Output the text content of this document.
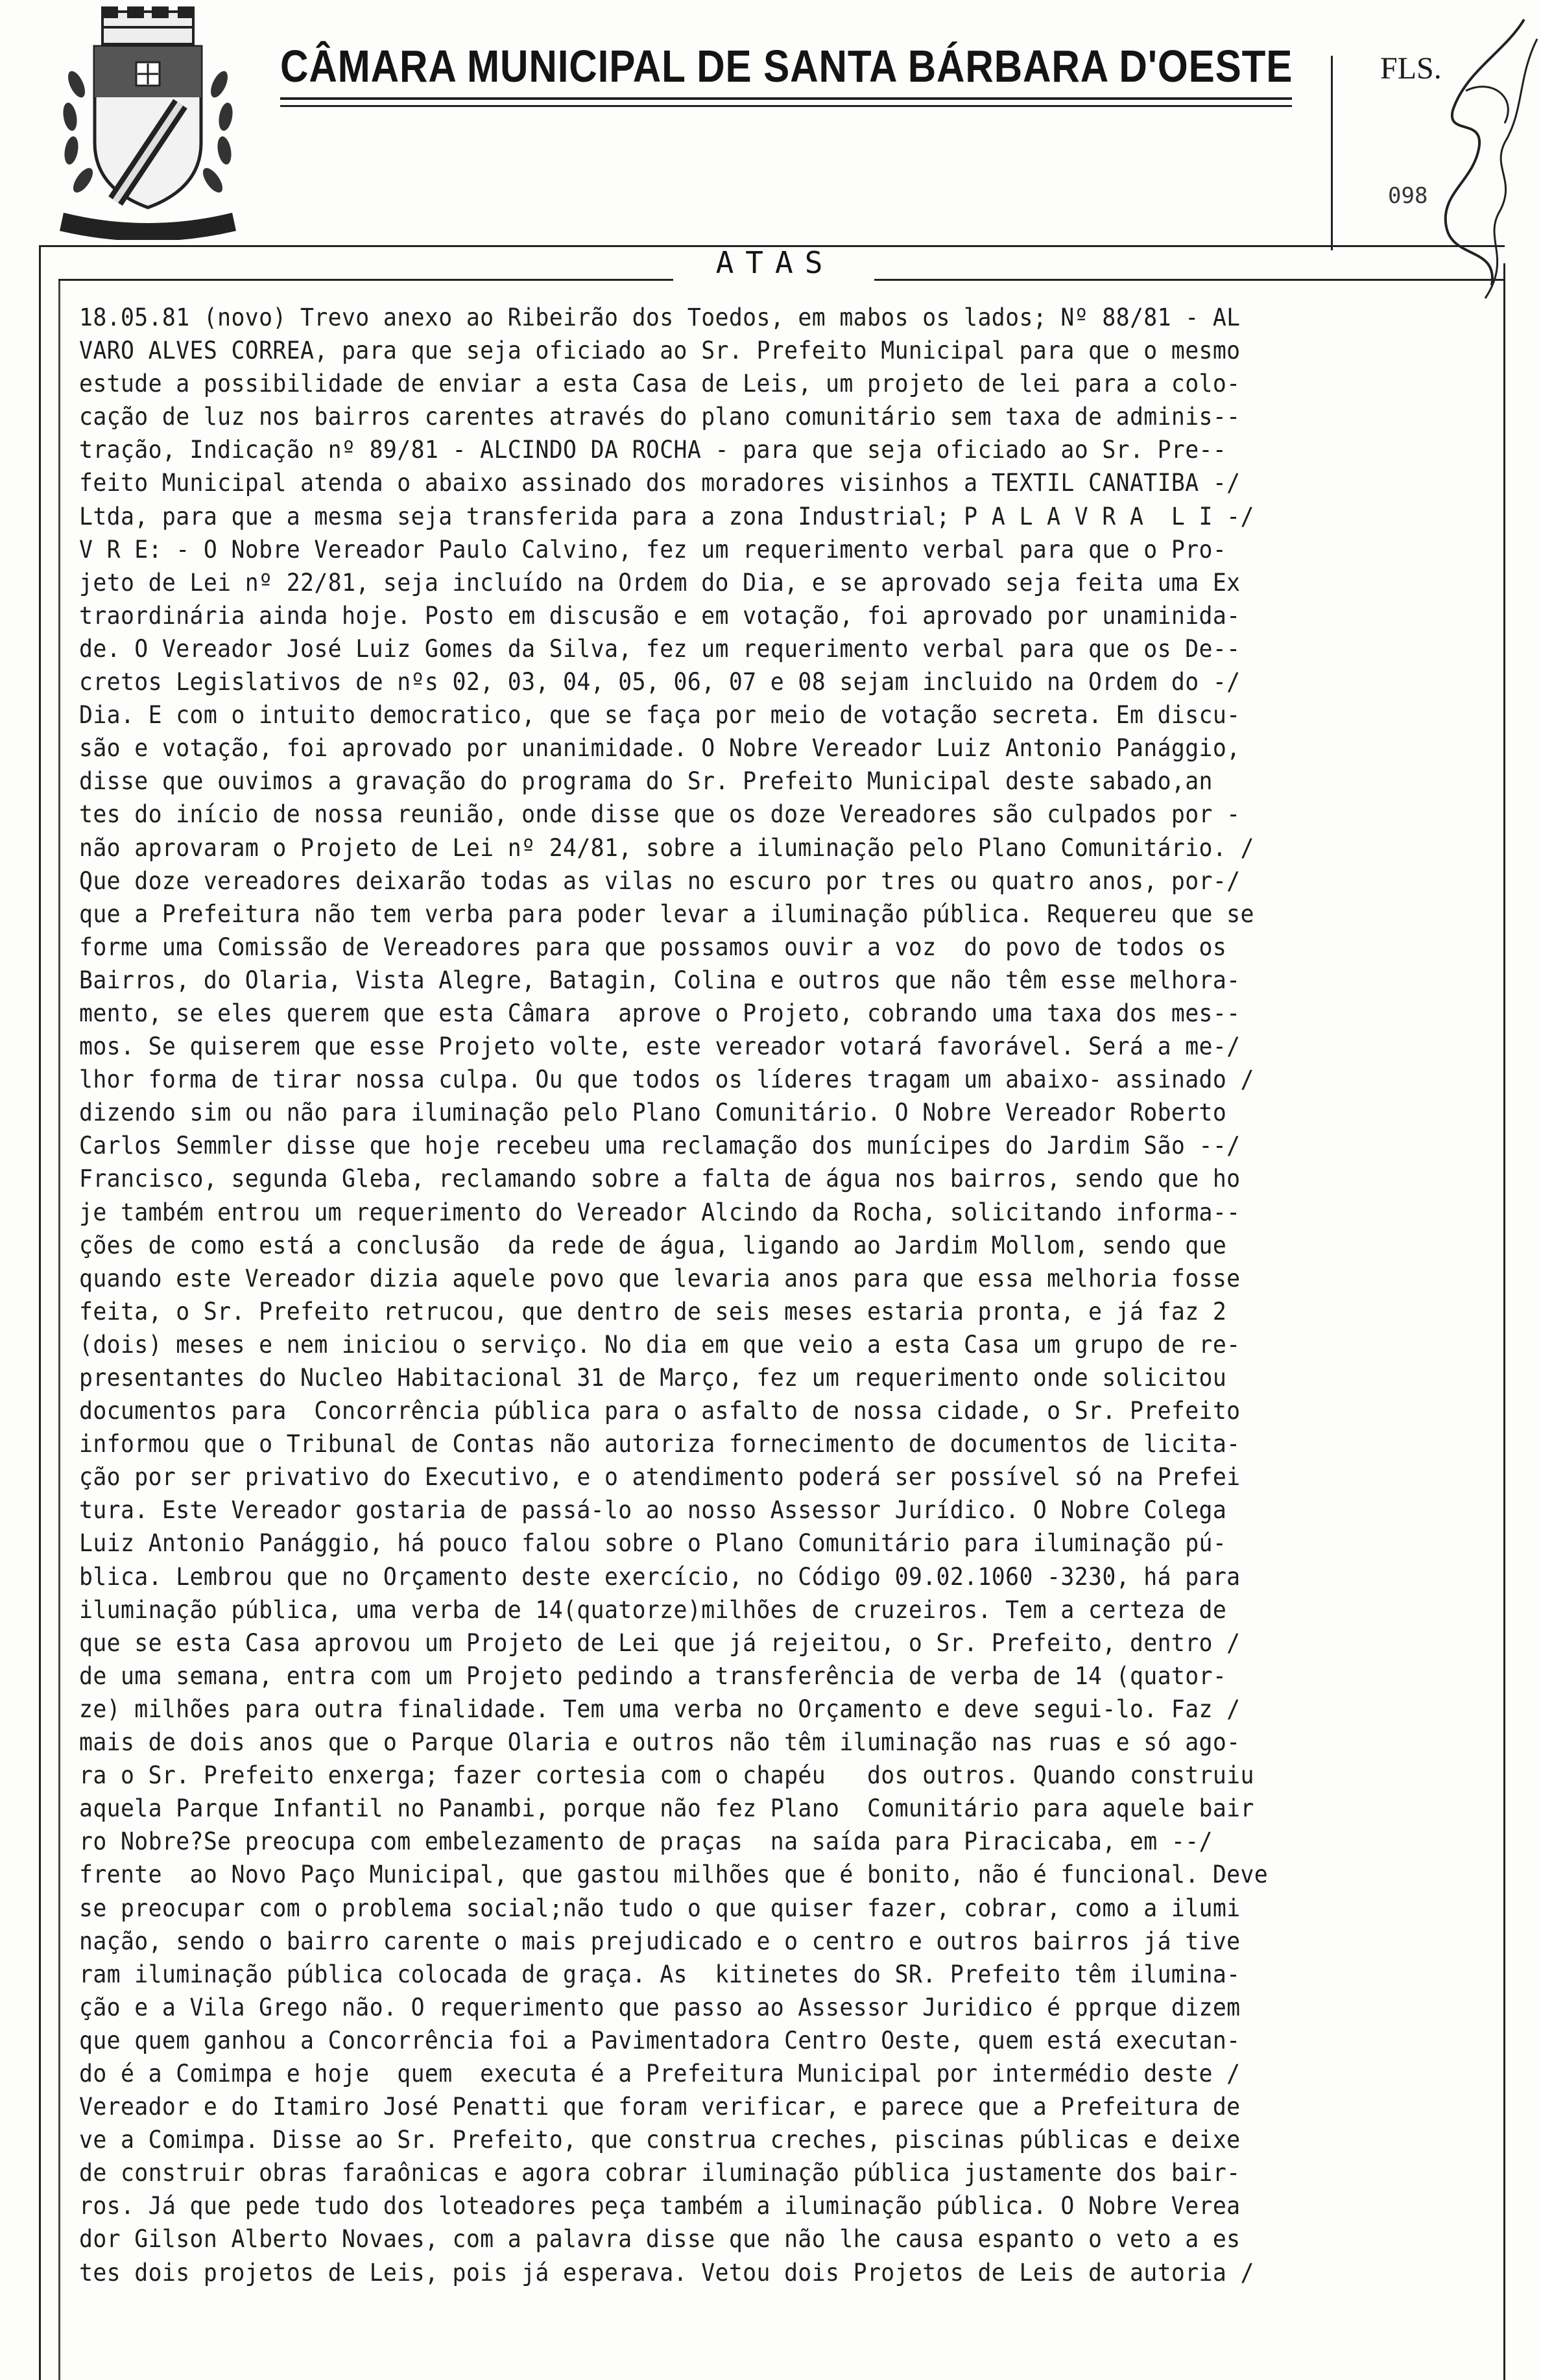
CÂMARA MUNICIPAL DE SANTA BÁRBARA D'OESTE	FLS.
098
ATAS
18.05.81 (novo) Trevo anexo ao Ribeirão dos Toedos, em mabos os lados; Nº 88/81 - AL
VARO ALVES CORREA, para que seja oficiado ao Sr. Prefeito Municipal para que o mesmo
estude a possibilidade de enviar a esta Casa de Leis, um projeto de lei para a colo-
cação de luz nos bairros carentes através do plano comunitário sem taxa de adminis--
tração, Indicação nº 89/81 - ALCINDO DA ROCHA - para que seja oficiado ao Sr. Pre--
feito Municipal atenda o abaixo assinado dos moradores visinhos a TEXTIL CANATIBA -/
Ltda, para que a mesma seja transferida para a zona Industrial; P A L A V R A  L I -/
V R E: - O Nobre Vereador Paulo Calvino, fez um requerimento verbal para que o Pro-
jeto de Lei nº 22/81, seja incluído na Ordem do Dia, e se aprovado seja feita uma Ex
traordinária ainda hoje. Posto em discusão e em votação, foi aprovado por unaminida-
de. O Vereador José Luiz Gomes da Silva, fez um requerimento verbal para que os De--
cretos Legislativos de nºs 02, 03, 04, 05, 06, 07 e 08 sejam incluido na Ordem do -/
Dia. E com o intuito democratico, que se faça por meio de votação secreta. Em discu-
são e votação, foi aprovado por unanimidade. O Nobre Vereador Luiz Antonio Panággio,
disse que ouvimos a gravação do programa do Sr. Prefeito Municipal deste sabado,an
tes do início de nossa reunião, onde disse que os doze Vereadores são culpados por -
não aprovaram o Projeto de Lei nº 24/81, sobre a iluminação pelo Plano Comunitário. /
Que doze vereadores deixarão todas as vilas no escuro por tres ou quatro anos, por-/
que a Prefeitura não tem verba para poder levar a iluminação pública. Requereu que se
forme uma Comissão de Vereadores para que possamos ouvir a voz  do povo de todos os
Bairros, do Olaria, Vista Alegre, Batagin, Colina e outros que não têm esse melhora-
mento, se eles querem que esta Câmara  aprove o Projeto, cobrando uma taxa dos mes--
mos. Se quiserem que esse Projeto volte, este vereador votará favorável. Será a me-/
lhor forma de tirar nossa culpa. Ou que todos os líderes tragam um abaixo- assinado /
dizendo sim ou não para iluminação pelo Plano Comunitário. O Nobre Vereador Roberto
Carlos Semmler disse que hoje recebeu uma reclamação dos munícipes do Jardim São --/
Francisco, segunda Gleba, reclamando sobre a falta de água nos bairros, sendo que ho
je também entrou um requerimento do Vereador Alcindo da Rocha, solicitando informa--
ções de como está a conclusão  da rede de água, ligando ao Jardim Mollom, sendo que
quando este Vereador dizia aquele povo que levaria anos para que essa melhoria fosse
feita, o Sr. Prefeito retrucou, que dentro de seis meses estaria pronta, e já faz 2
(dois) meses e nem iniciou o serviço. No dia em que veio a esta Casa um grupo de re-
presentantes do Nucleo Habitacional 31 de Março, fez um requerimento onde solicitou
documentos para  Concorrência pública para o asfalto de nossa cidade, o Sr. Prefeito
informou que o Tribunal de Contas não autoriza fornecimento de documentos de licita-
ção por ser privativo do Executivo, e o atendimento poderá ser possível só na Prefei
tura. Este Vereador gostaria de passá-lo ao nosso Assessor Jurídico. O Nobre Colega
Luiz Antonio Panággio, há pouco falou sobre o Plano Comunitário para iluminação pú-
blica. Lembrou que no Orçamento deste exercício, no Código 09.02.1060 -3230, há para
iluminação pública, uma verba de 14(quatorze)milhões de cruzeiros. Tem a certeza de
que se esta Casa aprovou um Projeto de Lei que já rejeitou, o Sr. Prefeito, dentro /
de uma semana, entra com um Projeto pedindo a transferência de verba de 14 (quator-
ze) milhões para outra finalidade. Tem uma verba no Orçamento e deve segui-lo. Faz /
mais de dois anos que o Parque Olaria e outros não têm iluminação nas ruas e só ago-
ra o Sr. Prefeito enxerga; fazer cortesia com o chapéu   dos outros. Quando construiu
aquela Parque Infantil no Panambi, porque não fez Plano  Comunitário para aquele bair
ro Nobre?Se preocupa com embelezamento de praças  na saída para Piracicaba, em --/
frente  ao Novo Paço Municipal, que gastou milhões que é bonito, não é funcional. Deve
se preocupar com o problema social;não tudo o que quiser fazer, cobrar, como a ilumi
nação, sendo o bairro carente o mais prejudicado e o centro e outros bairros já tive
ram iluminação pública colocada de graça. As  kitinetes do SR. Prefeito têm ilumina-
ção e a Vila Grego não. O requerimento que passo ao Assessor Juridico é pprque dizem
que quem ganhou a Concorrência foi a Pavimentadora Centro Oeste, quem está executan-
do é a Comimpa e hoje  quem  executa é a Prefeitura Municipal por intermédio deste /
Vereador e do Itamiro José Penatti que foram verificar, e parece que a Prefeitura de
ve a Comimpa. Disse ao Sr. Prefeito, que construa creches, piscinas públicas e deixe
de construir obras faraônicas e agora cobrar iluminação pública justamente dos bair-
ros. Já que pede tudo dos loteadores peça também a iluminação pública. O Nobre Verea
dor Gilson Alberto Novaes, com a palavra disse que não lhe causa espanto o veto a es
tes dois projetos de Leis, pois já esperava. Vetou dois Projetos de Leis de autoria /
